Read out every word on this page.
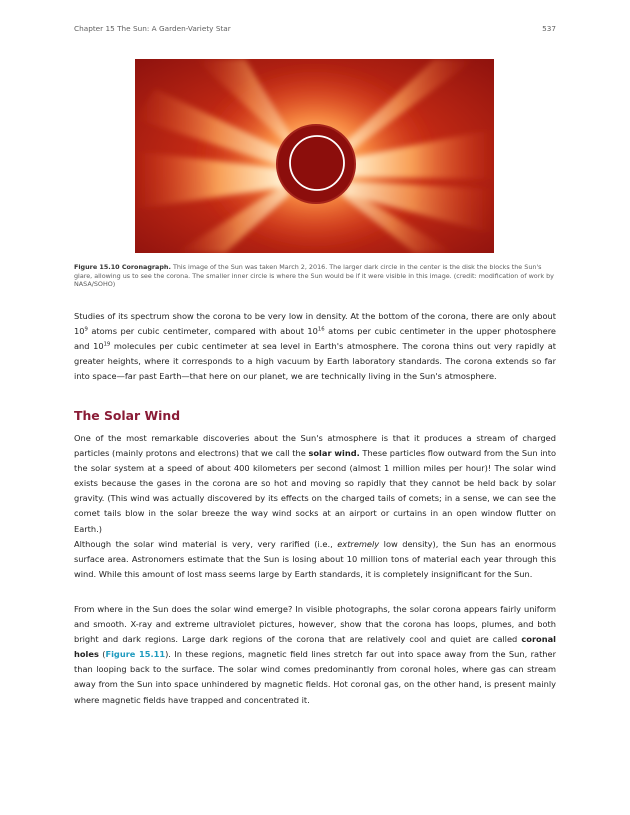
Chapter 15 The Sun: A Garden-Variety Star	537
Figure 15.10 Coronagraph. This image of the Sun was taken March 2, 2016. The larger dark circle in the center is the disk the blocks the Sun's glare, allowing us to see the corona. The smaller inner circle is where the Sun would be if it were visible in this image. (credit: modification of work by NASA/SOHO)

Studies of its spectrum show the corona to be very low in density. At the bottom of the corona, there are only about $10^9$ atoms per cubic centimeter, compared with about $10^{16}$ atoms per cubic centimeter in the upper photosphere and $10^{19}$ molecules per cubic centimeter at sea level in Earth's atmosphere. The corona thins out very rapidly at greater heights, where it corresponds to a high vacuum by Earth laboratory standards. The corona extends so far into space—far past Earth—that here on our planet, we are technically living in the Sun's atmosphere.

The Solar Wind

One of the most remarkable discoveries about the Sun's atmosphere is that it produces a stream of charged particles (mainly protons and electrons) that we call the solar wind. These particles flow outward from the Sun into the solar system at a speed of about 400 kilometers per second (almost 1 million miles per hour)! The solar wind exists because the gases in the corona are so hot and moving so rapidly that they cannot be held back by solar gravity. (This wind was actually discovered by its effects on the charged tails of comets; in a sense, we can see the comet tails blow in the solar breeze the way wind socks at an airport or curtains in an open window flutter on Earth.)

Although the solar wind material is very, very rarified (i.e., extremely low density), the Sun has an enormous surface area. Astronomers estimate that the Sun is losing about 10 million tons of material each year through this wind. While this amount of lost mass seems large by Earth standards, it is completely insignificant for the Sun.

From where in the Sun does the solar wind emerge? In visible photographs, the solar corona appears fairly uniform and smooth. X-ray and extreme ultraviolet pictures, however, show that the corona has loops, plumes, and both bright and dark regions. Large dark regions of the corona that are relatively cool and quiet are called coronal holes (Figure 15.11). In these regions, magnetic field lines stretch far out into space away from the Sun, rather than looping back to the surface. The solar wind comes predominantly from coronal holes, where gas can stream away from the Sun into space unhindered by magnetic fields. Hot coronal gas, on the other hand, is present mainly where magnetic fields have trapped and concentrated it.
